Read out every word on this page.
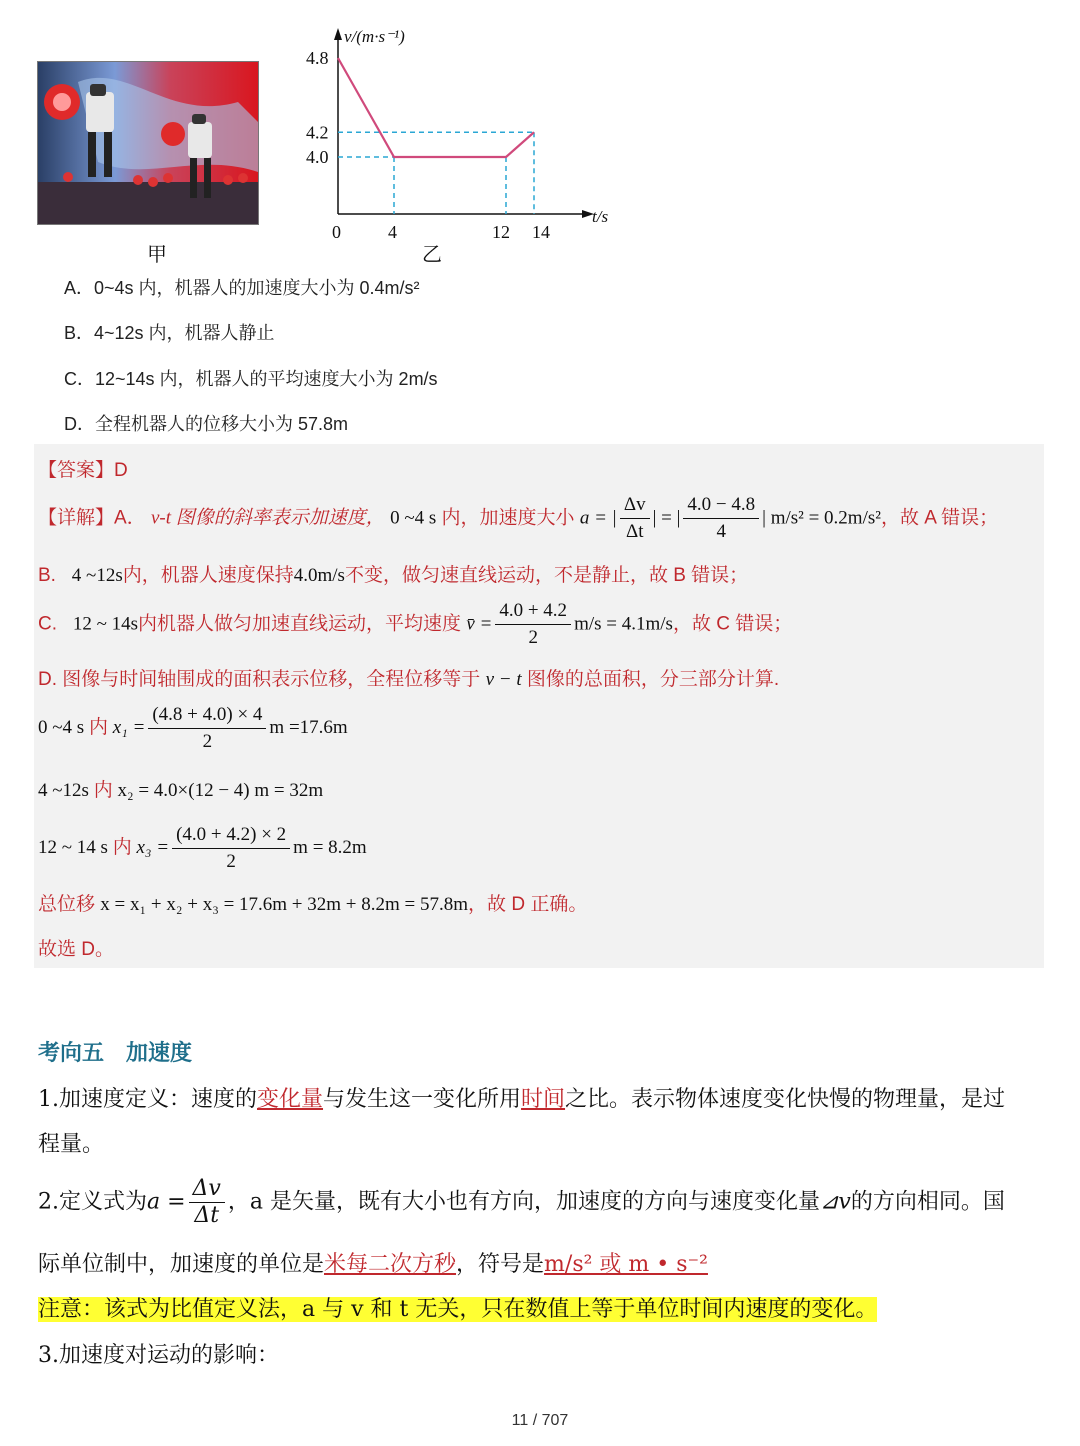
甲
v/(m·s⁻¹)
t/s
4.8
4.2
4.0
0	4	12 14
乙
A．0~4s 内，机器人的加速度大小为 0.4m/s²
B．4~12s 内，机器人静止
C．12~14s 内，机器人的平均速度大小为 2m/s
D．全程机器人的位移大小为 57.8m
【答案】D
【详解】A． v-t 图像的斜率表示加速度， 0 ~4 s 内，加速度大小 a = | $\frac{\Delta v}{\Delta t}$ | = | $\frac{4.0 - 4.8}{4}$ | m/s² = 0.2m/s²，故 A 错误；
B. 4 ~12s内，机器人速度保持4.0m/s不变，做匀速直线运动，不是静止，故 B 错误；
C. 12 ~ 14s内机器人做匀加速直线运动，平均速度 v̄ = $\frac{4.0 + 4.2}{2} m/s = 4.1m/s$，故 C 错误；
D. 图像与时间轴围成的面积表示位移，全程位移等于 v − t 图像的总面积，分三部分计算.
0 ~4 s 内 $x_1 = \frac{(4.8 + 4.0) \times 4}{2}$ m =17.6m
4 ~12s 内 x₂ = 4.0×(12 − 4) m = 32m
12 ~ 14 s 内 $x_3 = \frac{(4.0 + 4.2) \times 2}{2}$ m = 8.2m
总位移 x = x₁ + x₂ + x₃ = 17.6m + 32m + 8.2m = 57.8m，故 D 正确。
故选 D。
考向五　加速度
1.加速度定义：速度的变化量与发生这一变化所用时间之比。表示物体速度变化快慢的物理量，是过
程量。
2.定义式为$a = \frac{\Delta v}{\Delta t}$ ，a 是矢量，既有大小也有方向，加速度的方向与速度变化量⊿v的方向相同。国
际单位制中，加速度的单位是米每二次方秒，符号是m/s² 或 m • s⁻²
注意：该式为比值定义法，a 与 v 和 t 无关，只在数值上等于单位时间内速度的变化。
3.加速度对运动的影响：
11 / 707
